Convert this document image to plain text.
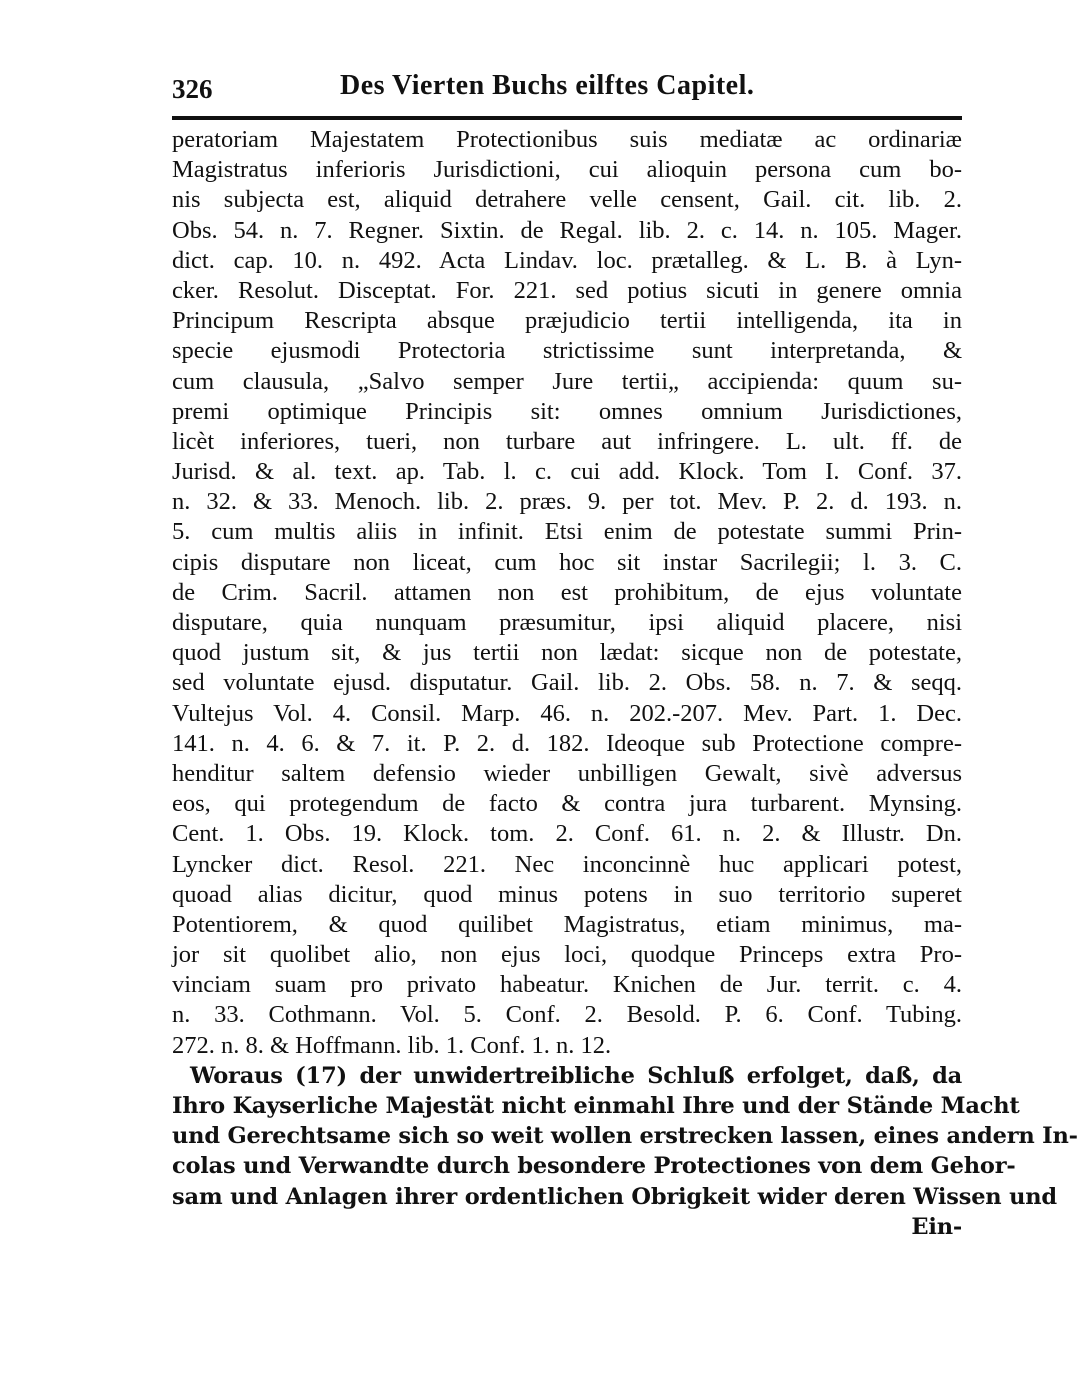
326	Des Vierten Buchs eilftes Capitel.
peratoriam Majestatem Protectionibus suis mediatæ ac ordinariæ
Magistratus inferioris Jurisdictioni, cui alioquin persona cum bo-
nis subjecta est, aliquid detrahere velle censent, Gail. cit. lib. 2.
Obs. 54. n. 7. Regner. Sixtin. de Regal. lib. 2. c. 14. n. 105. Mager.
dict. cap. 10. n. 492. Acta Lindav. loc. prætalleg. & L. B. à Lyn-
cker. Resolut. Disceptat. For. 221. sed potius sicuti in genere omnia
Principum Rescripta absque præjudicio tertii intelligenda, ita in
specie ejusmodi Protectoria strictissime sunt interpretanda, &
cum clausula, „Salvo semper Jure tertii„ accipienda: quum su-
premi optimique Principis sit: omnes omnium Jurisdictiones,
licèt inferiores, tueri, non turbare aut infringere. L. ult. ff. de
Jurisd. & al. text. ap. Tab. l. c. cui add. Klock. Tom I. Conf. 37.
n. 32. & 33. Menoch. lib. 2. præs. 9. per tot. Mev. P. 2. d. 193. n.
5. cum multis aliis in infinit. Etsi enim de potestate summi Prin-
cipis disputare non liceat, cum hoc sit instar Sacrilegii; l. 3. C.
de Crim. Sacril. attamen non est prohibitum, de ejus voluntate
disputare, quia nunquam præsumitur, ipsi aliquid placere, nisi
quod justum sit, & jus tertii non lædat: sicque non de potestate,
sed voluntate ejusd. disputatur. Gail. lib. 2. Obs. 58. n. 7. & seqq.
Vultejus Vol. 4. Consil. Marp. 46. n. 202.-207. Mev. Part. 1. Dec.
141. n. 4. 6. & 7. it. P. 2. d. 182. Ideoque sub Protectione compre-
henditur saltem defensio wieder unbilligen Gewalt, sivè adversus
eos, qui protegendum de facto & contra jura turbarent. Mynsing.
Cent. 1. Obs. 19. Klock. tom. 2. Conf. 61. n. 2. & Illustr. Dn.
Lyncker dict. Resol. 221. Nec inconcinnè huc applicari potest,
quoad alias dicitur, quod minus potens in suo territorio superet
Potentiorem, & quod quilibet Magistratus, etiam minimus, ma-
jor sit quolibet alio, non ejus loci, quodque Princeps extra Pro-
vinciam suam pro privato habeatur. Knichen de Jur. territ. c. 4.
n. 33. Cothmann. Vol. 5. Conf. 2. Besold. P. 6. Conf. Tubing.
272. n. 8. & Hoffmann. lib. 1. Conf. 1. n. 12.
Woraus (17) der unwidertreibliche Schluß erfolget, daß, da
Ihro Kayserliche Majestät nicht einmahl Ihre und der Stände Macht
und Gerechtsame sich so weit wollen erstrecken lassen, eines andern In-
colas und Verwandte durch besondere Protectiones von dem Gehor-
sam und Anlagen ihrer ordentlichen Obrigkeit wider deren Wissen und
Ein-
